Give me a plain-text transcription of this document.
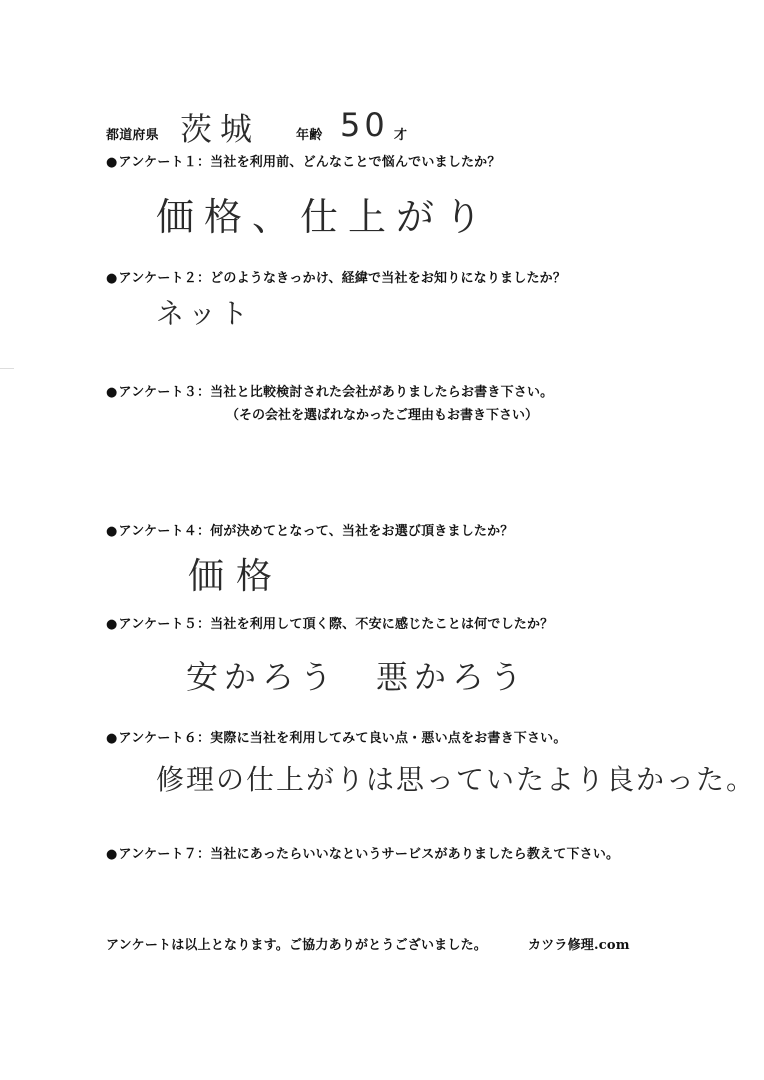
都道府県 茨城	年齢 50 才
●アンケート１：当社を利用前、どんなことで悩んでいましたか？
価格、仕上がり
●アンケート２：どのようなきっかけ、経緯で当社をお知りになりましたか？
ネット
●アンケート３：当社と比較検討された会社がありましたらお書き下さい。
（その会社を選ばれなかったご理由もお書き下さい）
●アンケート４：何が決めてとなって、当社をお選び頂きましたか？
価格
●アンケート５：当社を利用して頂く際、不安に感じたことは何でしたか？
安かろう　悪かろう
●アンケート６：実際に当社を利用してみて良い点・悪い点をお書き下さい。
修理の仕上がりは思っていたより良かった。
●アンケート７：当社にあったらいいなというサービスがありましたら教えて下さい。
アンケートは以上となります。ご協力ありがとうございました。	カツラ修理.com
